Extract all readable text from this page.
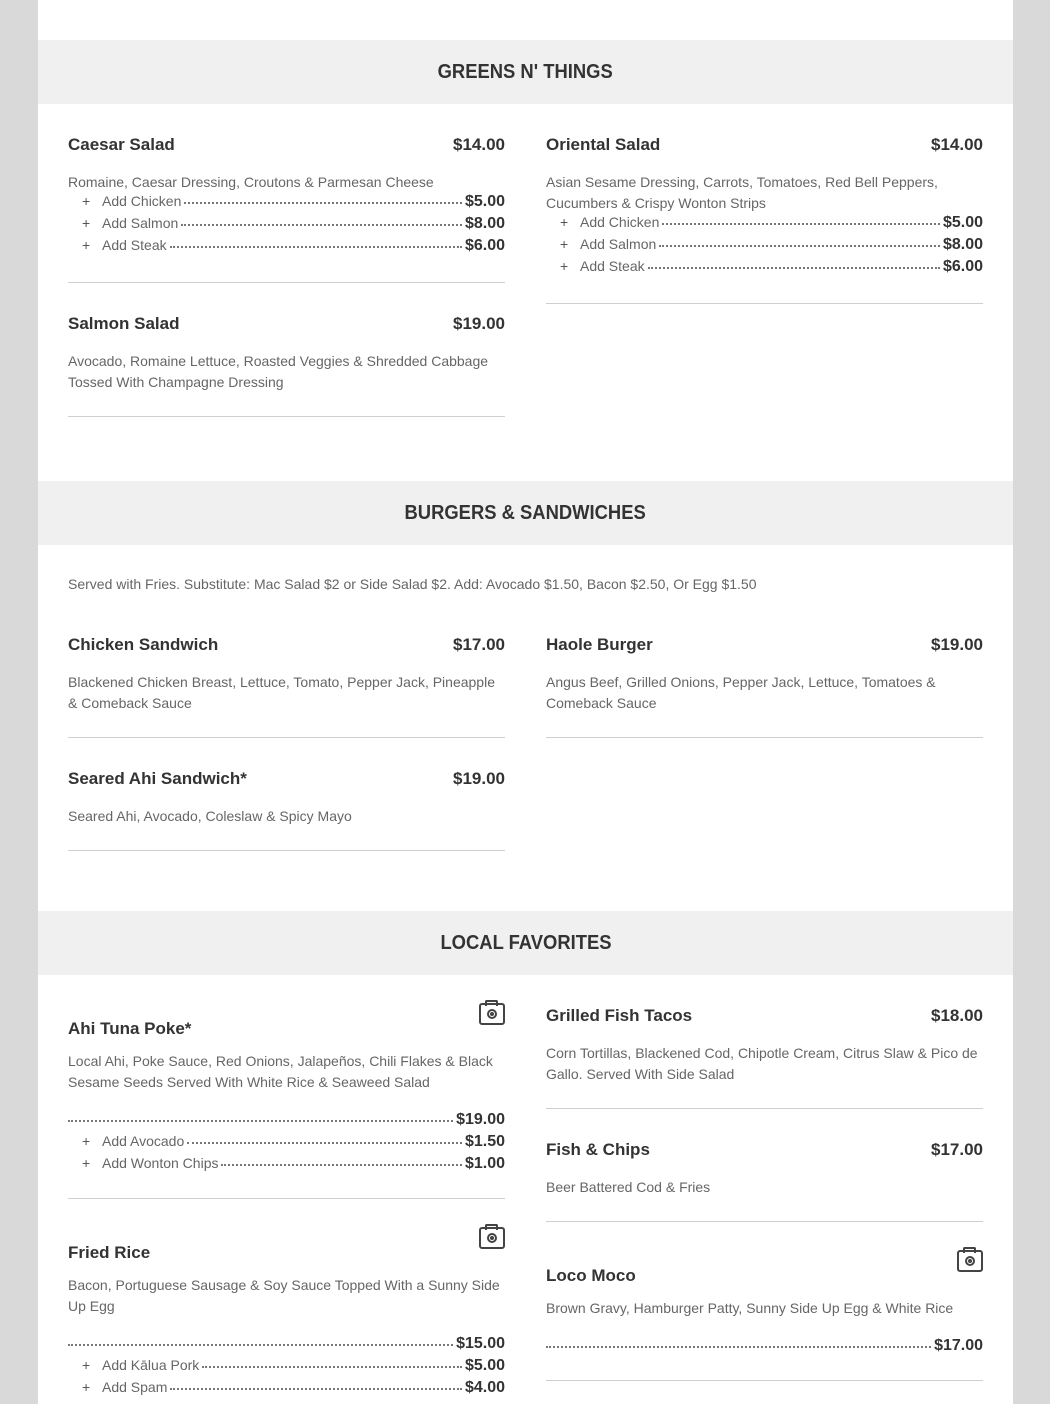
GREENS N' THINGS
Caesar Salad	$14.00
Romaine, Caesar Dressing, Croutons & Parmesan Cheese
+ Add Chicken	$5.00
+ Add Salmon	$8.00
+ Add Steak	$6.00
Oriental Salad	$14.00
Asian Sesame Dressing, Carrots, Tomatoes, Red Bell Peppers, Cucumbers & Crispy Wonton Strips
+ Add Chicken	$5.00
+ Add Salmon	$8.00
+ Add Steak	$6.00
Salmon Salad	$19.00
Avocado, Romaine Lettuce, Roasted Veggies & Shredded Cabbage Tossed With Champagne Dressing
BURGERS & SANDWICHES
Served with Fries. Substitute: Mac Salad $2 or Side Salad $2. Add: Avocado $1.50, Bacon $2.50, Or Egg $1.50
Chicken Sandwich	$17.00
Blackened Chicken Breast, Lettuce, Tomato, Pepper Jack, Pineapple & Comeback Sauce
Haole Burger	$19.00
Angus Beef, Grilled Onions, Pepper Jack, Lettuce, Tomatoes & Comeback Sauce
Seared Ahi Sandwich*	$19.00
Seared Ahi, Avocado, Coleslaw & Spicy Mayo
LOCAL FAVORITES
Ahi Tuna Poke*
Local Ahi, Poke Sauce, Red Onions, Jalapeños, Chili Flakes & Black Sesame Seeds Served With White Rice & Seaweed Salad
$19.00
+ Add Avocado	$1.50
+ Add Wonton Chips	$1.00
Grilled Fish Tacos	$18.00
Corn Tortillas, Blackened Cod, Chipotle Cream, Citrus Slaw & Pico de Gallo. Served With Side Salad
Fish & Chips	$17.00
Beer Battered Cod & Fries
Fried Rice
Bacon, Portuguese Sausage & Soy Sauce Topped With a Sunny Side Up Egg
$15.00
+ Add Kālua Pork	$5.00
+ Add Spam	$4.00
Loco Moco
Brown Gravy, Hamburger Patty, Sunny Side Up Egg & White Rice
$17.00
